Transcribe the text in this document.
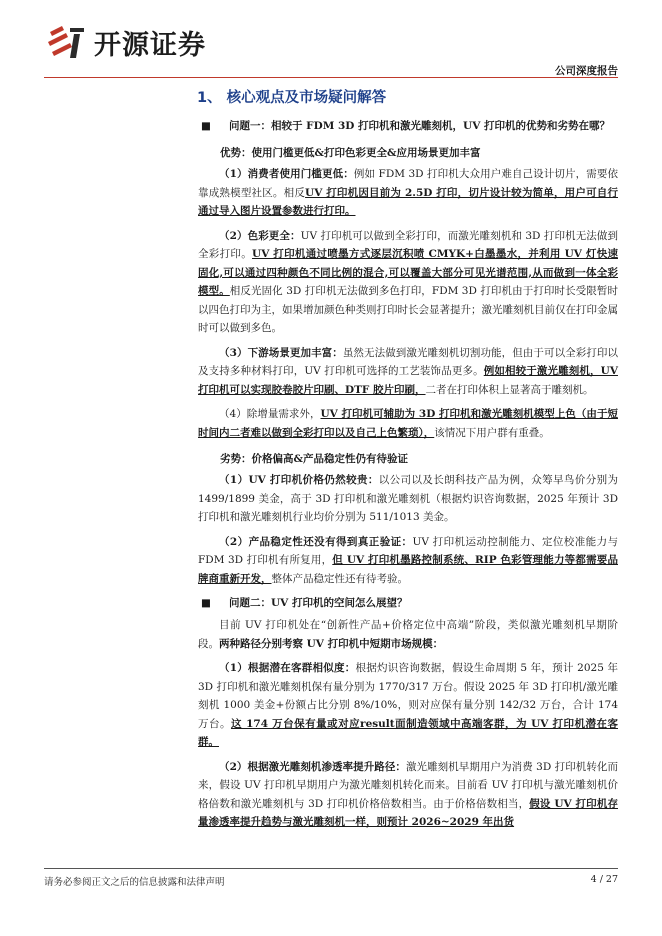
开源证券
公司深度报告
1、 核心观点及市场疑问解答
■	问题一：相较于 FDM 3D 打印机和激光雕刻机，UV 打印机的优势和劣势在哪？
优势：使用门槛更低&打印色彩更全&应用场景更加丰富

（1）消费者使用门槛更低：例如 FDM 3D 打印机大众用户难自己设计切片，需要依靠成熟模型社区。相反UV 打印机因目前为 2.5D 打印，切片设计较为简单，用户可自行通过导入图片设置参数进行打印。

（2）色彩更全：UV 打印机可以做到全彩打印，而激光雕刻机和 3D 打印机无法做到全彩打印。UV 打印机通过喷墨方式逐层沉积喷 CMYK+白墨墨水，并利用 UV 灯快速固化,可以通过四种颜色不同比例的混合,可以覆盖大部分可见光谱范围,从而做到一体全彩模型。相反光固化 3D 打印机无法做到多色打印，FDM 3D 打印机由于打印时长受限暂时以四色打印为主，如果增加颜色种类则打印时长会显著提升；激光雕刻机目前仅在打印金属时可以做到多色。

（3）下游场景更加丰富：虽然无法做到激光雕刻机切割功能，但由于可以全彩打印以及支持多种材料打印，UV 打印机可选择的工艺装饰品更多。例如相较于激光雕刻机，UV 打印机可以实现胶卷胶片印刷、DTF 胶片印刷，二者在打印体积上显著高于雕刻机。

（4）除增量需求外，UV 打印机可辅助为 3D 打印机和激光雕刻机模型上色（由于短时间内二者难以做到全彩打印以及自己上色繁琐），该情况下用户群有重叠。

劣势：价格偏高&产品稳定性仍有待验证

（1）UV 打印机价格仍然较贵：以公司以及长朗科技产品为例，众筹早鸟价分别为 1499/1899 美金，高于 3D 打印机和激光雕刻机（根据灼识咨询数据，2025 年预计 3D 打印机和激光雕刻机行业均价分别为 511/1013 美金。

（2）产品稳定性还没有得到真正验证：UV 打印机运动控制能力、定位校准能力与 FDM 3D 打印机有所复用，但 UV 打印机墨路控制系统、RIP 色彩管理能力等都需要品牌商重新开发，整体产品稳定性还有待考验。

■	问题二：UV 打印机的空间怎么展望？

目前 UV 打印机处在“创新性产品+价格定位中高端”阶段，类似激光雕刻机早期阶段。两种路径分别考察 UV 打印机中短期市场规模：

（1）根据潜在客群相似度：根据灼识咨询数据，假设生命周期 5 年，预计 2025 年 3D 打印机和激光雕刻机保有量分别为 1770/317 万台。假设 2025 年 3D 打印机/激光雕刻机 1000 美金+份额占比分别 8%/10%，则对应保有量分别 142/32 万台，合计 174 万台。这 174 万台保有量或对应result面制造领域中高端客群，为 UV 打印机潜在客群。

（2）根据激光雕刻机渗透率提升路径：激光雕刻机早期用户为消费 3D 打印机转化而来，假设 UV 打印机早期用户为激光雕刻机转化而来。目前看 UV 打印机与激光雕刻机价格倍数和激光雕刻机与 3D 打印机价格倍数相当。由于价格倍数相当，假设 UV 打印机存量渗透率提升趋势与激光雕刻机一样，则预计 2026~2029 年出货

请务必参阅正文之后的信息披露和法律声明	4 / 27
